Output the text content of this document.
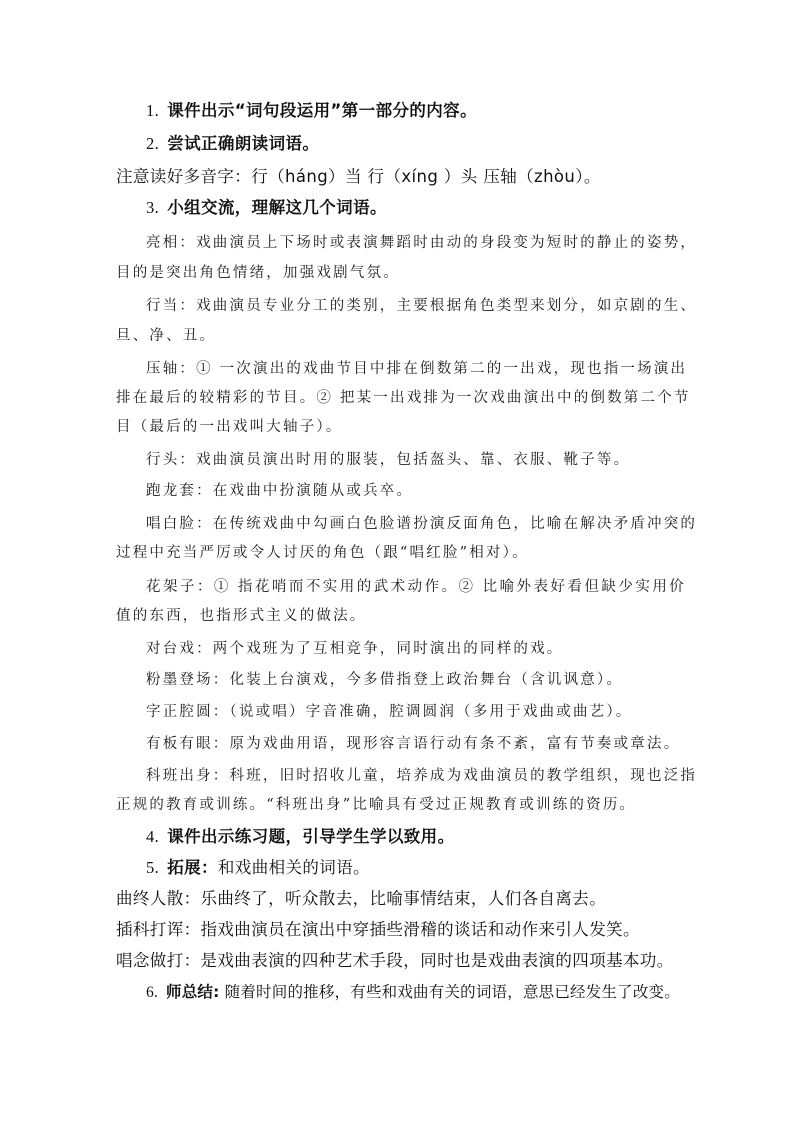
1. 课件出示“词句段运用”第一部分的内容。
2. 尝试正确朗读词语。
注意读好多音字：行（háng）当 行（xíng ）头 压轴（zhòu）。
3. 小组交流，理解这几个词语。
亮相：戏曲演员上下场时或表演舞蹈时由动的身段变为短时的静止的姿势，
目的是突出角色情绪，加强戏剧气氛。
行当：戏曲演员专业分工的类别，主要根据角色类型来划分，如京剧的生、
旦、净、丑。
压轴：① 一次演出的戏曲节目中排在倒数第二的一出戏，现也指一场演出
排在最后的较精彩的节目。② 把某一出戏排为一次戏曲演出中的倒数第二个节
目（最后的一出戏叫大轴子）。
行头：戏曲演员演出时用的服装，包括盔头、靠、衣服、靴子等。
跑龙套：在戏曲中扮演随从或兵卒。
唱白脸：在传统戏曲中勾画白色脸谱扮演反面角色，比喻在解决矛盾冲突的
过程中充当严厉或令人讨厌的角色（跟“唱红脸”相对）。
花架子：① 指花哨而不实用的武术动作。② 比喻外表好看但缺少实用价
值的东西，也指形式主义的做法。
对台戏：两个戏班为了互相竞争，同时演出的同样的戏。
粉墨登场：化装上台演戏，今多借指登上政治舞台（含讥讽意）。
字正腔圆：（说或唱）字音准确，腔调圆润（多用于戏曲或曲艺）。
有板有眼：原为戏曲用语，现形容言语行动有条不紊，富有节奏或章法。
科班出身：科班，旧时招收儿童，培养成为戏曲演员的教学组织，现也泛指
正规的教育或训练。“科班出身”比喻具有受过正规教育或训练的资历。
4. 课件出示练习题，引导学生学以致用。
5. 拓展：和戏曲相关的词语。
曲终人散：乐曲终了，听众散去，比喻事情结束，人们各自离去。
插科打诨：指戏曲演员在演出中穿插些滑稽的谈话和动作来引人发笑。
唱念做打：是戏曲表演的四种艺术手段，同时也是戏曲表演的四项基本功。
6. 师总结: 随着时间的推移，有些和戏曲有关的词语，意思已经发生了改变。
